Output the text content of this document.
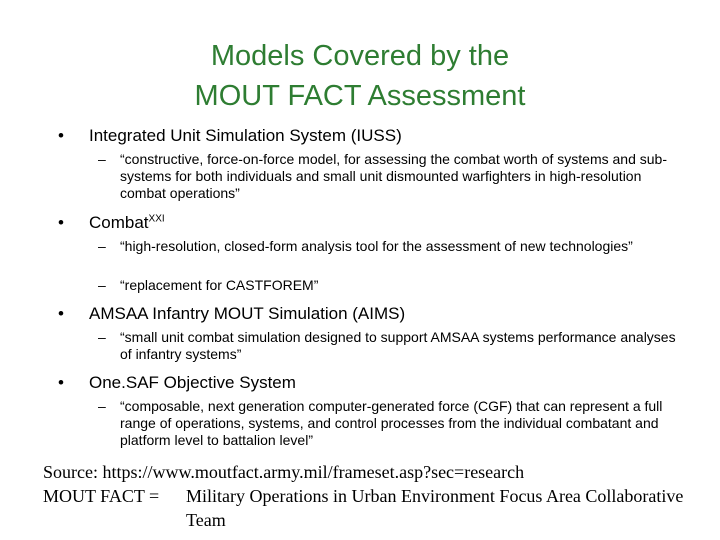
Models Covered by the
MOUT FACT Assessment
• Integrated Unit Simulation System (IUSS)
– “constructive, force-on-force model, for assessing the combat worth of systems and sub-systems for both individuals and small unit dismounted warfighters in high-resolution combat operations”
• Combat$^{XXI}$
– “high-resolution, closed-form analysis tool for the assessment of new technologies”
– “replacement for CASTFOREM”
• AMSAA Infantry MOUT Simulation (AIMS)
– “small unit combat simulation designed to support AMSAA systems performance analyses of infantry systems”
• One.SAF Objective System
– “composable, next generation computer-generated force (CGF) that can represent a full range of operations, systems, and control processes from the individual combatant and platform level to battalion level”
Source: https://www.moutfact.army.mil/frameset.asp?sec=research
MOUT FACT = Military Operations in Urban Environment Focus Area Collaborative Team
